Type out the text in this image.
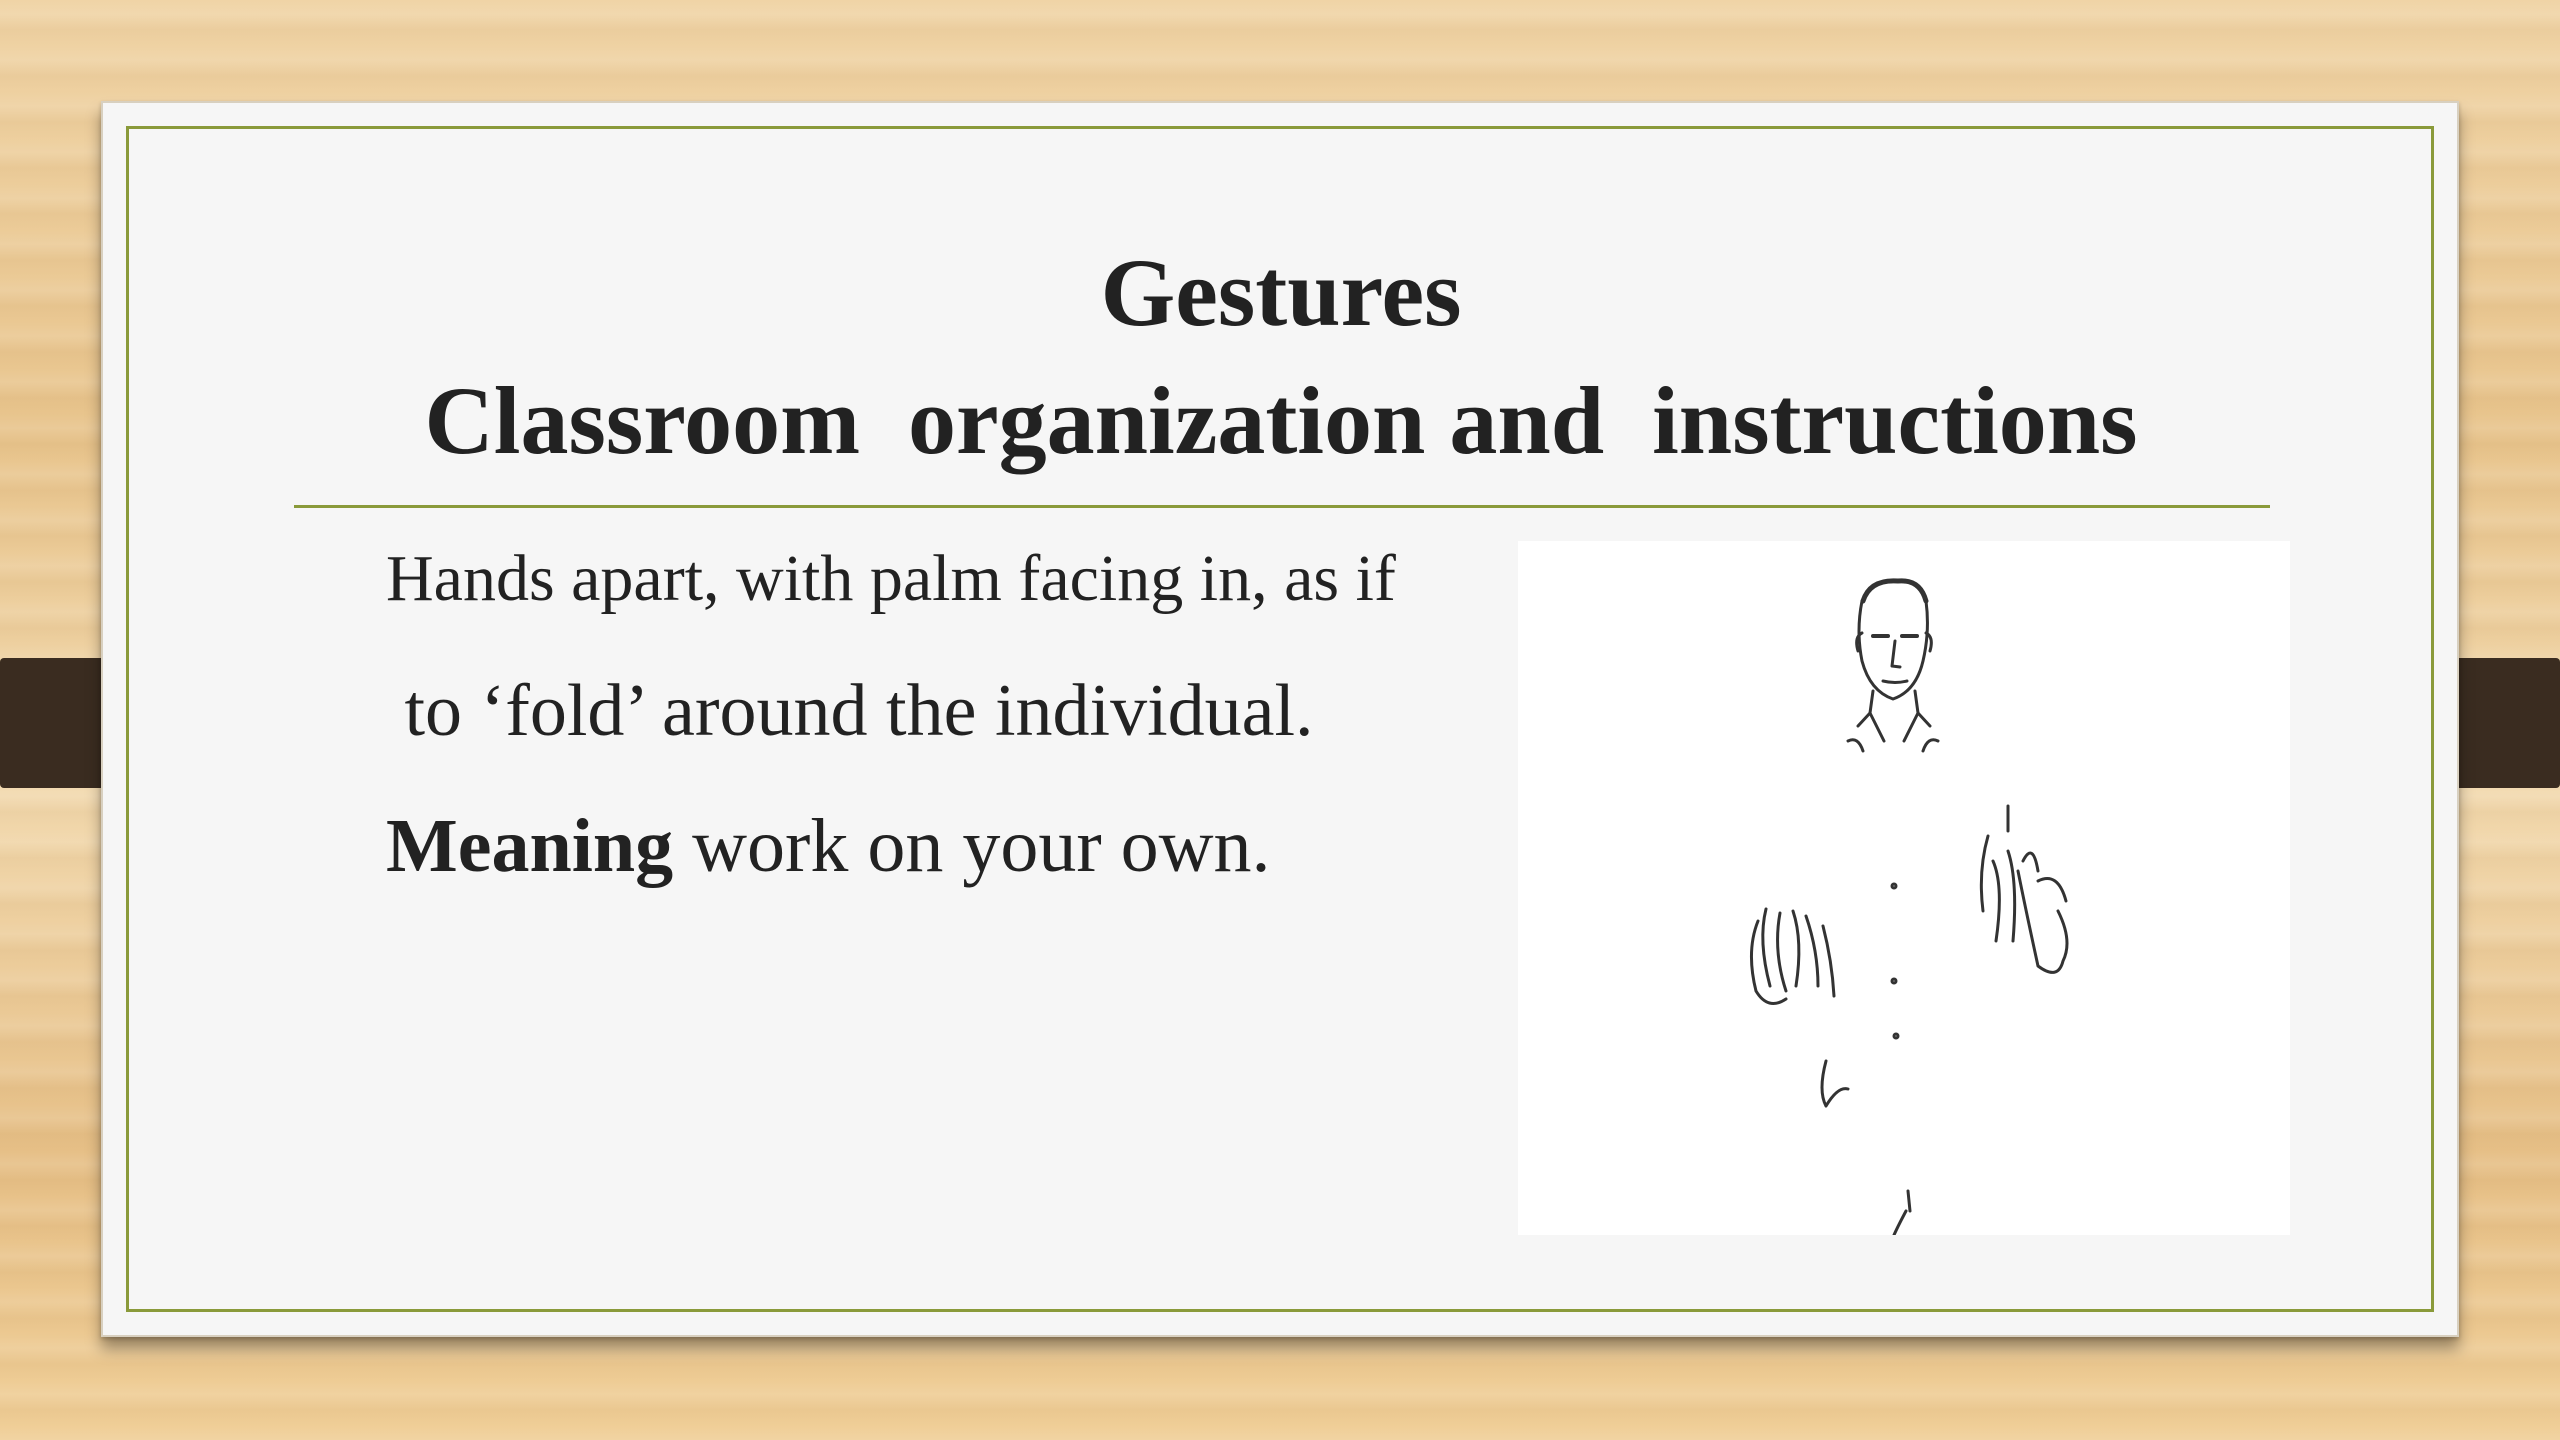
Gestures
Classroom  organization and  instructions
Hands apart, with palm facing in, as if
to ‘fold’ around the individual.
Meaning work on your own.
